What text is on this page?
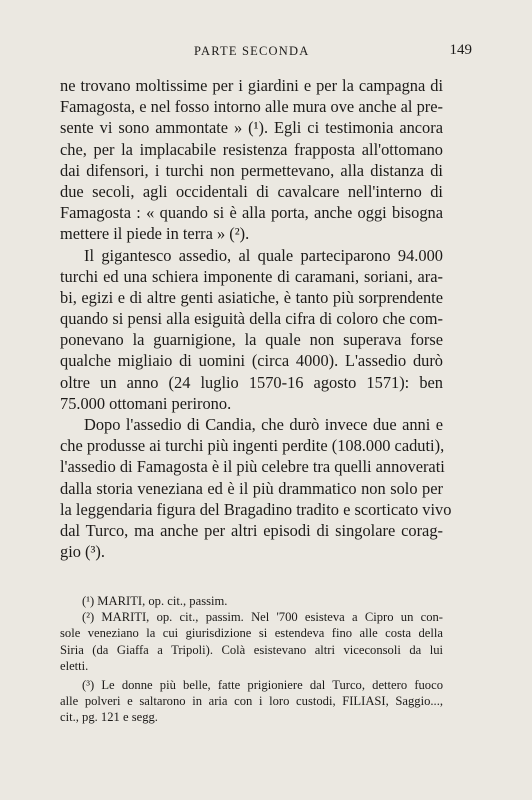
PARTE SECONDA	149
ne trovano moltissime per i giardini e per la campagna di
Famagosta, e nel fosso intorno alle mura ove anche al pre-
sente vi sono ammontate » (¹). Egli ci testimonia ancora
che, per la implacabile resistenza frapposta all'ottomano
dai difensori, i turchi non permettevano, alla distanza di
due secoli, agli occidentali di cavalcare nell'interno di
Famagosta : « quando si è alla porta, anche oggi bisogna
mettere il piede in terra » (²).
Il gigantesco assedio, al quale parteciparono 94.000
turchi ed una schiera imponente di caramani, soriani, ara-
bi, egizi e di altre genti asiatiche, è tanto più sorprendente
quando si pensi alla esiguità della cifra di coloro che com-
ponevano la guarnigione, la quale non superava forse
qualche migliaio di uomini (circa 4000). L'assedio durò
oltre un anno (24 luglio 1570-16 agosto 1571): ben
75.000 ottomani perirono.
Dopo l'assedio di Candia, che durò invece due anni e
che produsse ai turchi più ingenti perdite (108.000 caduti),
l'assedio di Famagosta è il più celebre tra quelli annoverati
dalla storia veneziana ed è il più drammatico non solo per
la leggendaria figura del Bragadino tradito e scorticato vivo
dal Turco, ma anche per altri episodi di singolare corag-
gio (³).
(¹) MARITI, op. cit., passim.
(²) MARITI, op. cit., passim. Nel '700 esisteva a Cipro un con-
sole veneziano la cui giurisdizione si estendeva fino alle costa della
Siria (da Giaffa a Tripoli). Colà esistevano altri viceconsoli da lui
eletti.
(³) Le donne più belle, fatte prigioniere dal Turco, dettero fuoco
alle polveri e saltarono in aria con i loro custodi, FILIASI, Saggio...,
cit., pg. 121 e segg.
